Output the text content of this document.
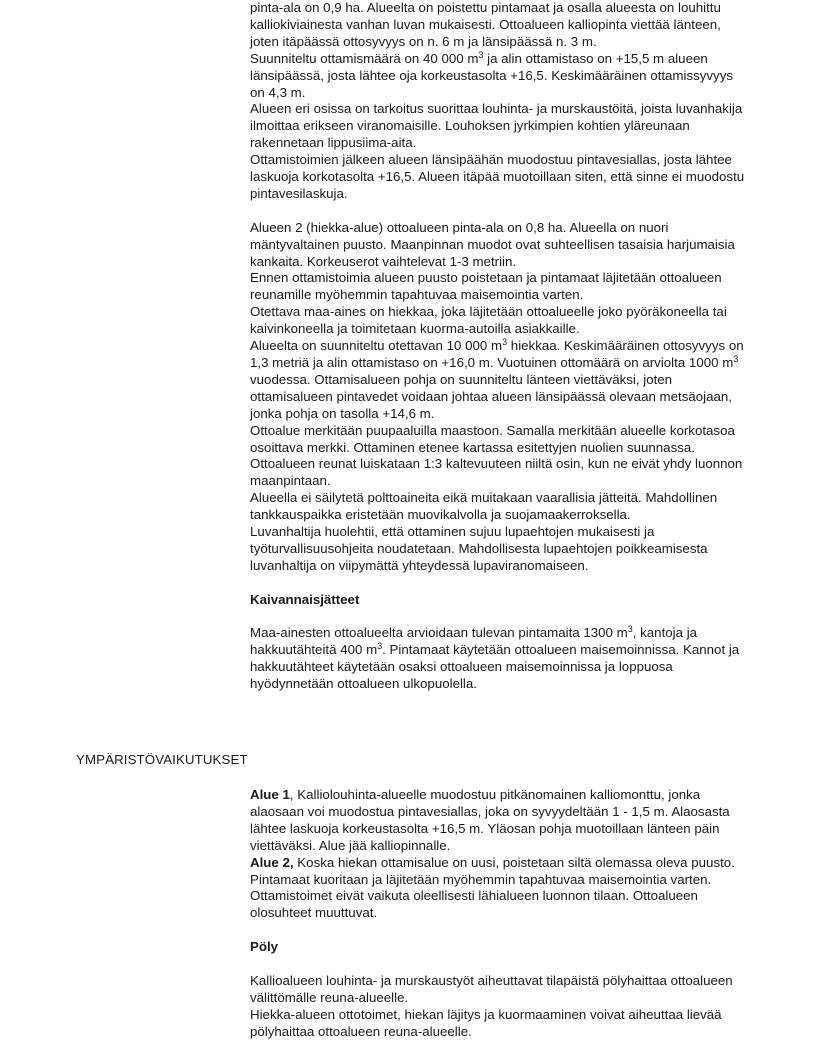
pinta-ala on 0,9 ha. Alueelta on poistettu pintamaat ja osalla alueesta on louhittu kalliokiviainesta vanhan luvan mukaisesti. Ottoalueen kalliopinta viettää länteen, joten itäpäässä ottosyvyys on n. 6 m ja länsipäässä n. 3 m.

Suunniteltu ottamismäärä on 40 000 $m^3$ ja alin ottamistaso on +15,5 m alueen länsipäässä, josta lähtee oja korkeustasolta +16,5. Keskimääräinen ottamissyvyys on 4,3 m.

Alueen eri osissa on tarkoitus suorittaa louhinta- ja murskaustöitä, joista luvanhakija ilmoittaa erikseen viranomaisille. Louhoksen jyrkimpien kohtien yläreunaan rakennetaan lippusiima-aita.

Ottamistoimien jälkeen alueen länsipäähän muodostuu pintavesiallas, josta lähtee laskuoja korkotasolta +16,5. Alueen itäpää muotoillaan siten, että sinne ei muodostu pintavesilaskuja.

Alueen 2 (hiekka-alue) ottoalueen pinta-ala on 0,8 ha. Alueella on nuori mäntyvaltainen puusto. Maanpinnan muodot ovat suhteellisen tasaisia harjumaisia kankaita. Korkeuserot vaihtelevat 1-3 metriin.

Ennen ottamistoimia alueen puusto poistetaan ja pintamaat läjitetään ottoalueen reunamille myöhemmin tapahtuvaa maisemointia varten.

Otettava maa-aines on hiekkaa, joka läjitetään ottoalueelle joko pyöräkoneella tai kaivinkoneella ja toimitetaan kuorma-autoilla asiakkaille.

Alueelta on suunniteltu otettavan 10 000 $m^3$ hiekkaa. Keskimääräinen ottosyvyys on 1,3 metriä ja alin ottamistaso on +16,0 m. Vuotuinen ottomäärä on arviolta 1000 $m^3$ vuodessa. Ottamisalueen pohja on suunniteltu länteen viettäväksi, joten ottamisalueen pintavedet voidaan johtaa alueen länsipäässä olevaan metsäojaan, jonka pohja on tasolla +14,6 m.

Ottoalue merkitään puupaaluilla maastoon. Samalla merkitään alueelle korkotasoa osoittava merkki. Ottaminen etenee kartassa esitettyjen nuolien suunnassa. Ottoalueen reunat luiskataan 1:3 kaltevuuteen niiltä osin, kun ne eivät yhdy luonnon maanpintaan.

Alueella ei säilytetä polttoaineita eikä muitakaan vaarallisia jätteitä. Mahdollinen tankkauspaikka eristetään muovikalvolla ja suojamaakerroksella.

Luvanhaltija huolehtii, että ottaminen sujuu lupaehtojen mukaisesti ja työturvallisuusohjeita noudatetaan. Mahdollisesta lupaehtojen poikkeamisesta luvanhaltija on viipymättä yhteydessä lupaviranomaiseen.

Kaivannaisjätteet

Maa-ainesten ottoalueelta arvioidaan tulevan pintamaita 1300 $m^3$, kantoja ja hakkuutähteitä 400 $m^3$. Pintamaat käytetään ottoalueen maisemoinnissa. Kannot ja hakkuutähteet käytetään osaksi ottoalueen maisemoinnissa ja loppuosa hyödynnetään ottoalueen ulkopuolella.

YMPÄRISTÖVAIKUTUKSET

Alue 1, Kalliolouhinta-alueelle muodostuu pitkänomainen kalliomonttu, jonka alaosaan voi muodostua pintavesiallas, joka on syvyydeltään 1 - 1,5 m. Alaosasta lähtee laskuoja korkeustasolta +16,5 m. Yläosan pohja muotoillaan länteen päin viettäväksi. Alue jää kalliopinnalle.

Alue 2, Koska hiekan ottamisalue on uusi, poistetaan siltä olemassa oleva puusto. Pintamaat kuoritaan ja läjitetään myöhemmin tapahtuvaa maisemointia varten. Ottamistoimet eivät vaikuta oleellisesti lähialueen luonnon tilaan. Ottoalueen olosuhteet muuttuvat.

Pöly

Kallioalueen louhinta- ja murskaustyöt aiheuttavat tilapäistä pölyhaittaa ottoalueen välittömälle reuna-alueelle.

Hiekka-alueen ottotoimet, hiekan läjitys ja kuormaaminen voivat aiheuttaa lievää pölyhaittaa ottoalueen reuna-alueelle.
